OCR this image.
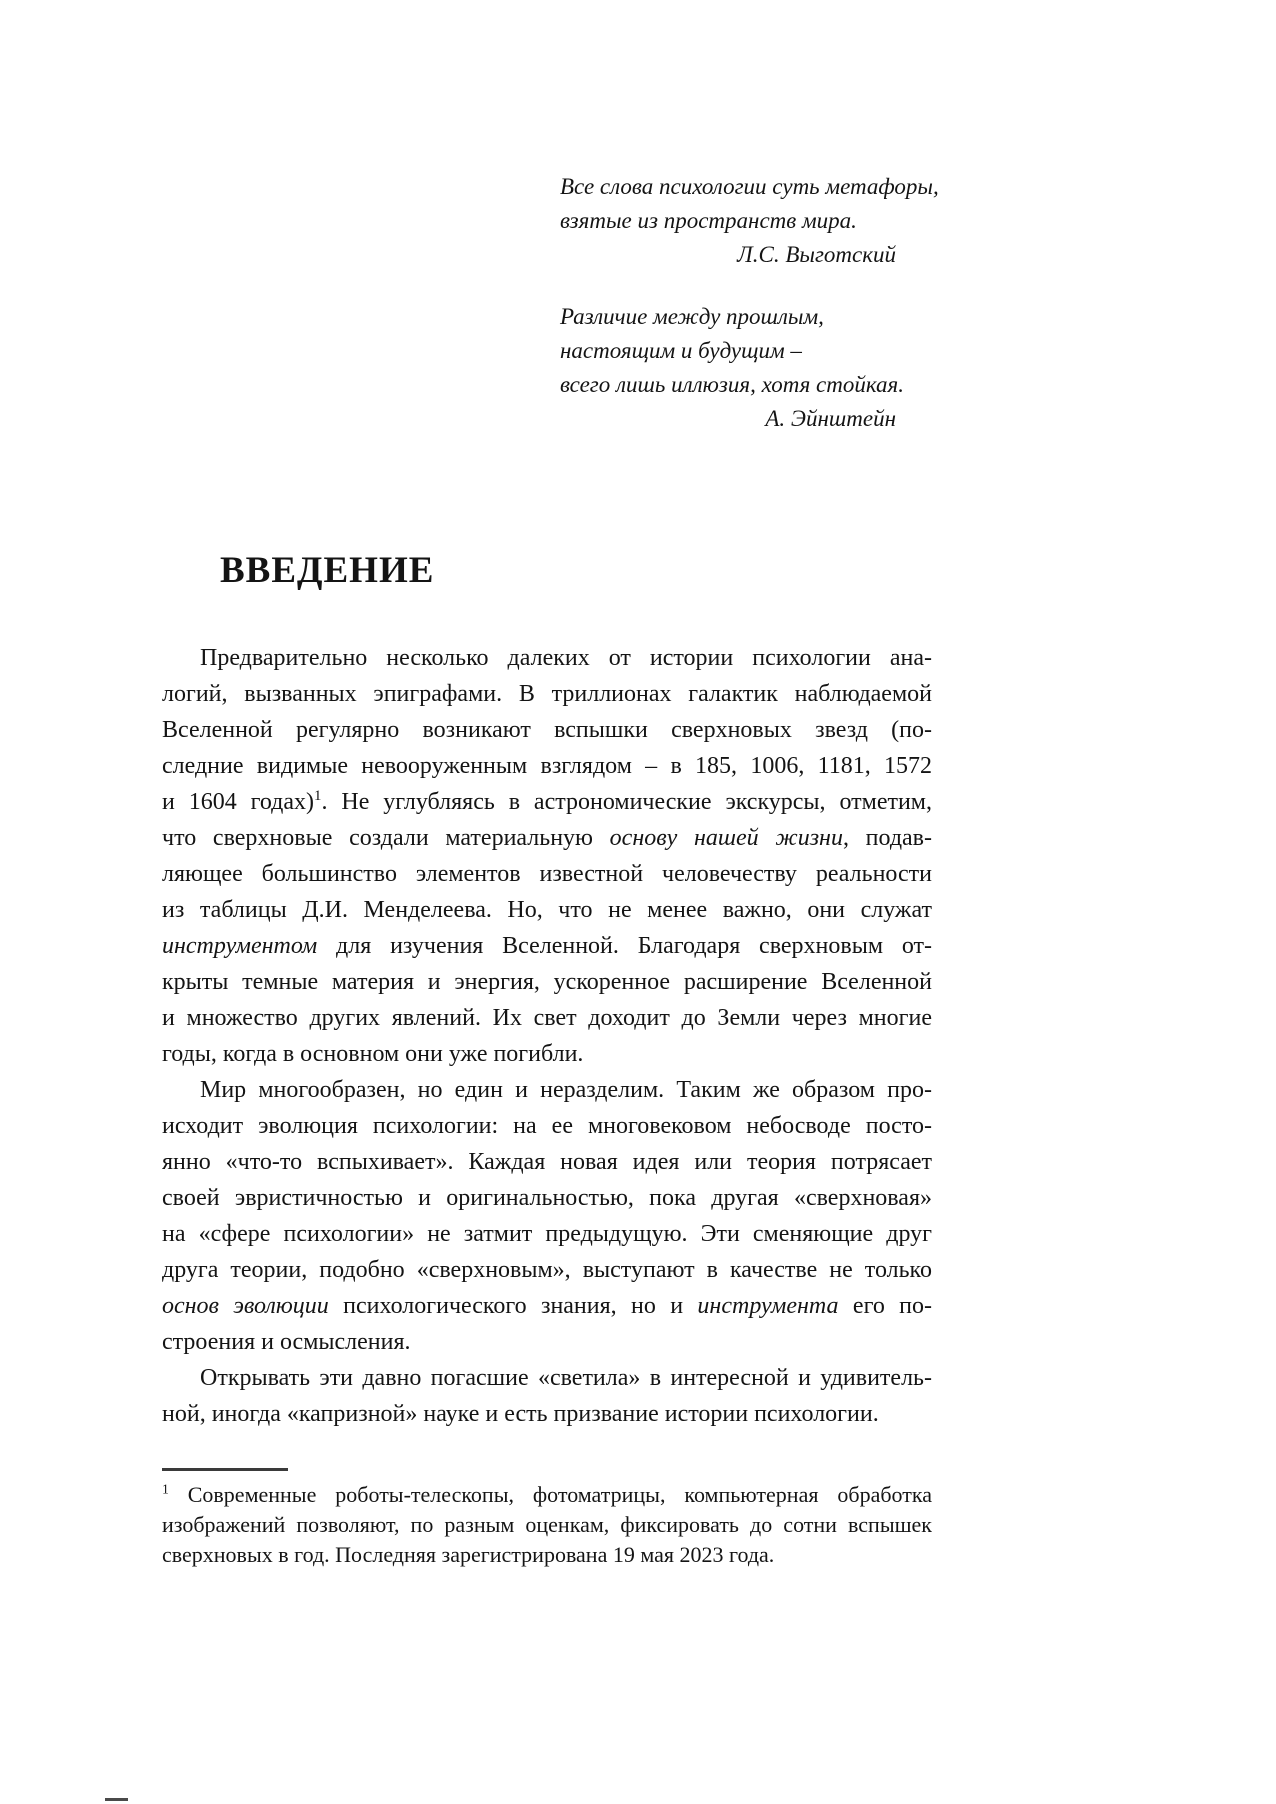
Все слова психологии суть метафоры,
взятые из пространств мира.
Л.С. Выготский
Различие между прошлым,
настоящим и будущим –
всего лишь иллюзия, хотя стойкая.
А. Эйнштейн
ВВЕДЕНИЕ
Предварительно несколько далеких от истории психологии ана-
логий, вызванных эпиграфами. В триллионах галактик наблюдаемой
Вселенной регулярно возникают вспышки сверхновых звезд (по-
следние видимые невооруженным взглядом – в 185, 1006, 1181, 1572
и 1604 годах)$^1$. Не углубляясь в астрономические экскурсы, отметим,
что сверхновые создали материальную основу нашей жизни, подав-
ляющее большинство элементов известной человечеству реальности
из таблицы Д.И. Менделеева. Но, что не менее важно, они служат
инструментом для изучения Вселенной. Благодаря сверхновым от-
крыты темные материя и энергия, ускоренное расширение Вселенной
и множество других явлений. Их свет доходит до Земли через многие
годы, когда в основном они уже погибли.
Мир многообразен, но един и неразделим. Таким же образом про-
исходит эволюция психологии: на ее многовековом небосводе посто-
янно «что-то вспыхивает». Каждая новая идея или теория потрясает
своей эвристичностью и оригинальностью, пока другая «сверхновая»
на «сфере психологии» не затмит предыдущую. Эти сменяющие друг
друга теории, подобно «сверхновым», выступают в качестве не только
основ эволюции психологического знания, но и инструмента его по-
строения и осмысления.
Открывать эти давно погасшие «светила» в интересной и удивитель-
ной, иногда «капризной» науке и есть призвание истории психологии.
$^1$ Современные роботы-телескопы, фотоматрицы, компьютерная обработка
изображений позволяют, по разным оценкам, фиксировать до сотни вспышек
сверхновых в год. Последняя зарегистрирована 19 мая 2023 года.
